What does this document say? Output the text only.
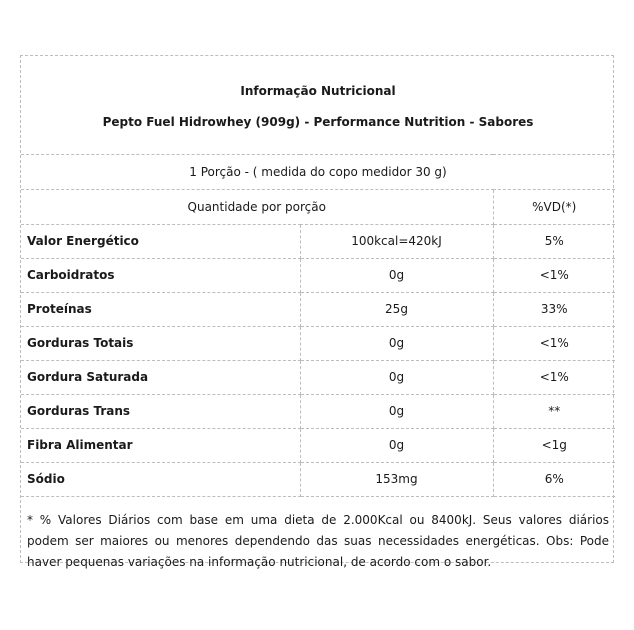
Informação Nutricional
Pepto Fuel Hidrowhey (909g) - Performance Nutrition - Sabores		

1 Porção - ( medida do copo medidor 30 g)		
Quantidade por porção		%VD(*)
Valor Energético	100kcal=420kJ	5%
Carboidratos	0g	<1%
Proteínas	25g	33%
Gorduras Totais	0g	<1%
Gordura Saturada	0g	<1%
Gorduras Trans	0g	**
Fibra Alimentar	0g	<1g
Sódio	153mg	6%
* % Valores Diários com base em uma dieta de 2.000Kcal ou 8400kJ. Seus valores diários podem ser maiores ou menores dependendo das suas necessidades energéticas. Obs: Pode haver pequenas variações na informação nutricional, de acordo com o sabor.		
